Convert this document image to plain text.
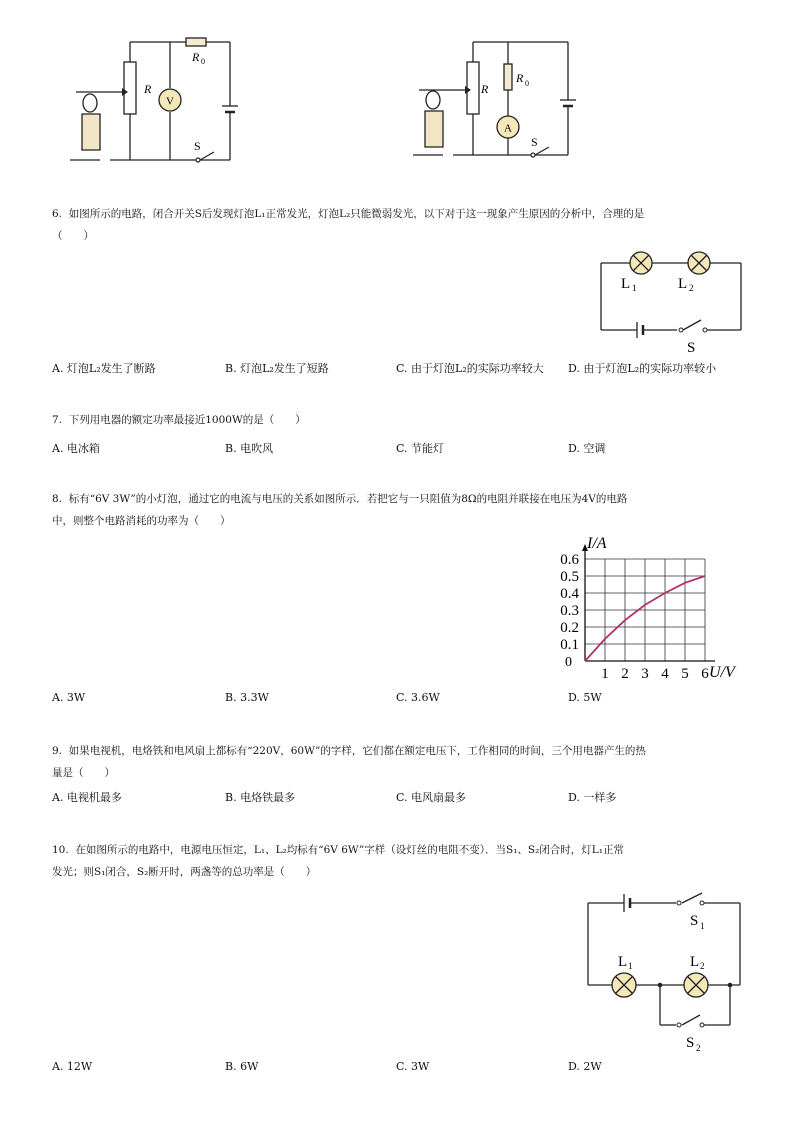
V
R
R 0
S
A
R
R 0
S
6. 如图所示的电路，闭合开关S后发现灯泡L₁正常发光，灯泡L₂只能微弱发光，以下对于这一现象产生原因的分析中，合理的是
（　　）
L 1	L 2
S
A. 灯泡L₂发生了断路	B. 灯泡L₂发生了短路	C. 由于灯泡L₂的实际功率较大 D. 由于灯泡L₂的实际功率较小
7. 下列用电器的额定功率最接近1000W的是（　　）
A. 电冰箱	B. 电吹风	C. 节能灯	D. 空调
8. 标有“6V 3W”的小灯泡，通过它的电流与电压的关系如图所示．若把它与一只阻值为8Ω的电阻并联接在电压为4V的电路
中，则整个电路消耗的功率为（　　）
1 2 3 4 5 6
0.1
0.2
0.3
0.4
0.5
0.6
I/A
U/V
0
A. 3W	B. 3.3W	C. 3.6W	D. 5W
9. 如果电视机，电烙铁和电风扇上都标有“220V，60W”的字样，它们都在额定电压下，工作相同的时间，三个用电器产生的热
量是（　　）
A. 电视机最多	B. 电烙铁最多	C. 电风扇最多	D. 一样多
10. 在如图所示的电路中，电源电压恒定，L₁、L₂均标有“6V 6W”字样（设灯丝的电阻不变）．当S₁、S₂闭合时，灯L₁正常
发光；则S₁闭合，S₂断开时，两盏等的总功率是（　　）
S 1
L 1	L 2
S 2
A. 12W	B. 6W	C. 3W	D. 2W
